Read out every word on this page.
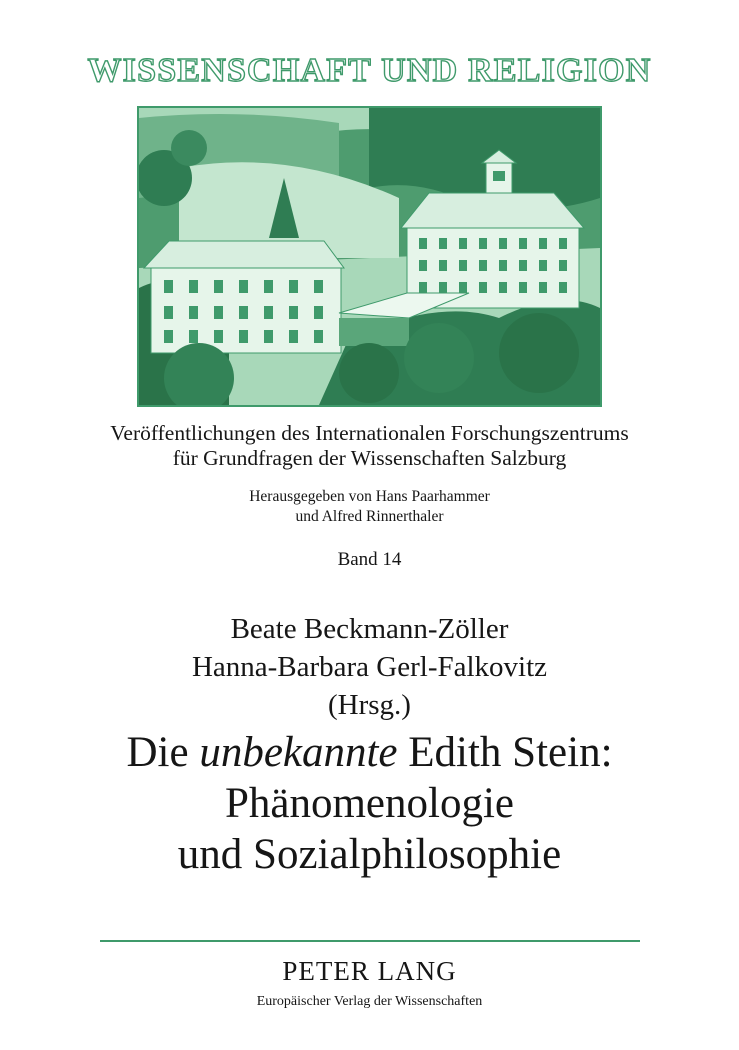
WISSENSCHAFT UND RELIGION
Veröffentlichungen des Internationalen Forschungszentrums
für Grundfragen der Wissenschaften Salzburg
Herausgegeben von Hans Paarhammer
und Alfred Rinnerthaler
Band 14
Beate Beckmann-Zöller
Hanna-Barbara Gerl-Falkovitz
(Hrsg.)
Die unbekannte Edith Stein:
Phänomenologie
und Sozialphilosophie
PETER LANG
Europäischer Verlag der Wissenschaften
